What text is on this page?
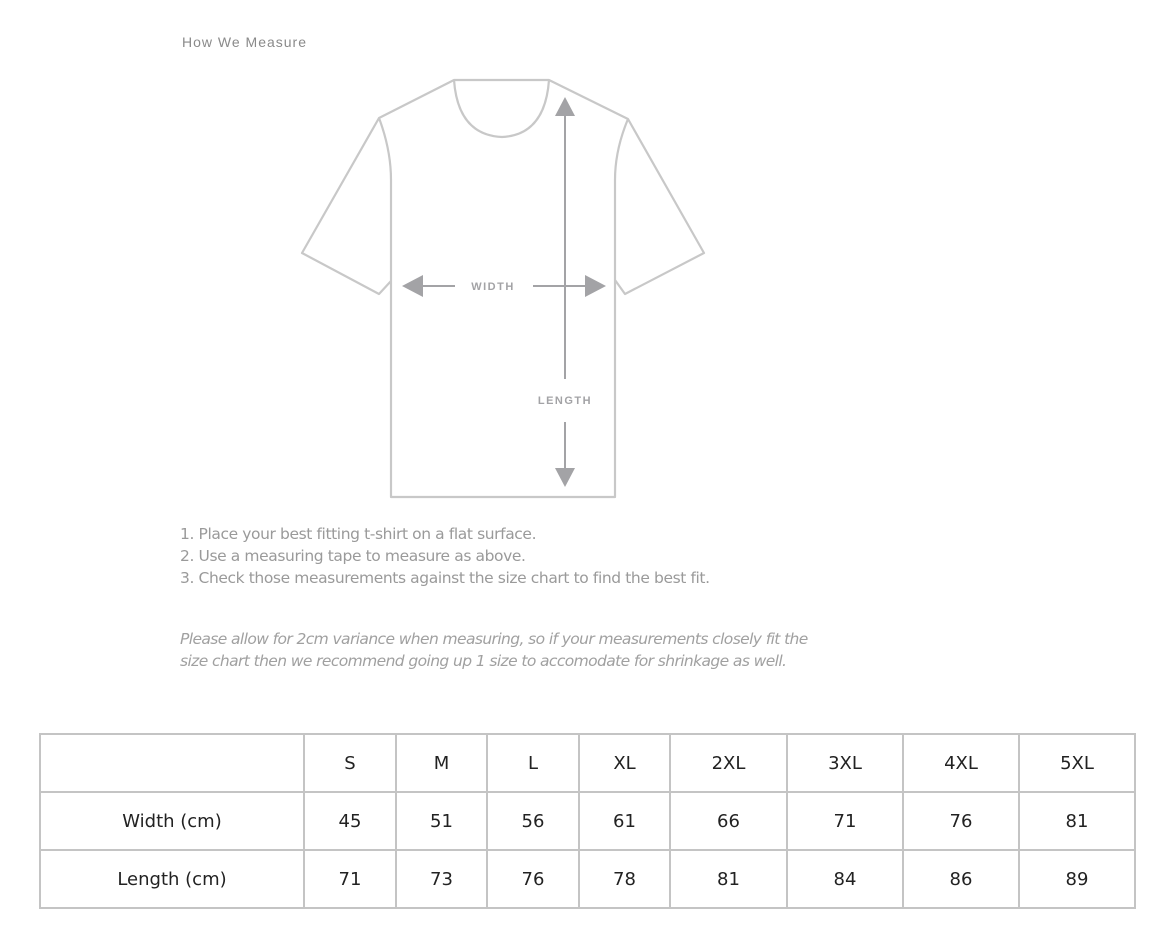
How We Measure
WIDTH
LENGTH
1. Place your best fitting t-shirt on a flat surface.
2. Use a measuring tape to measure as above.
3. Check those measurements against the size chart to find the best fit.
Please allow for 2cm variance when measuring, so if your measurements closely fit the
size chart then we recommend going up 1 size to accomodate for shrinkage as well.
	S	M	L	XL	2XL	3XL	4XL	5XL
Width (cm)	45	51	56	61	66	71	76	81
Length (cm)	71	73	76	78	81	84	86	89
